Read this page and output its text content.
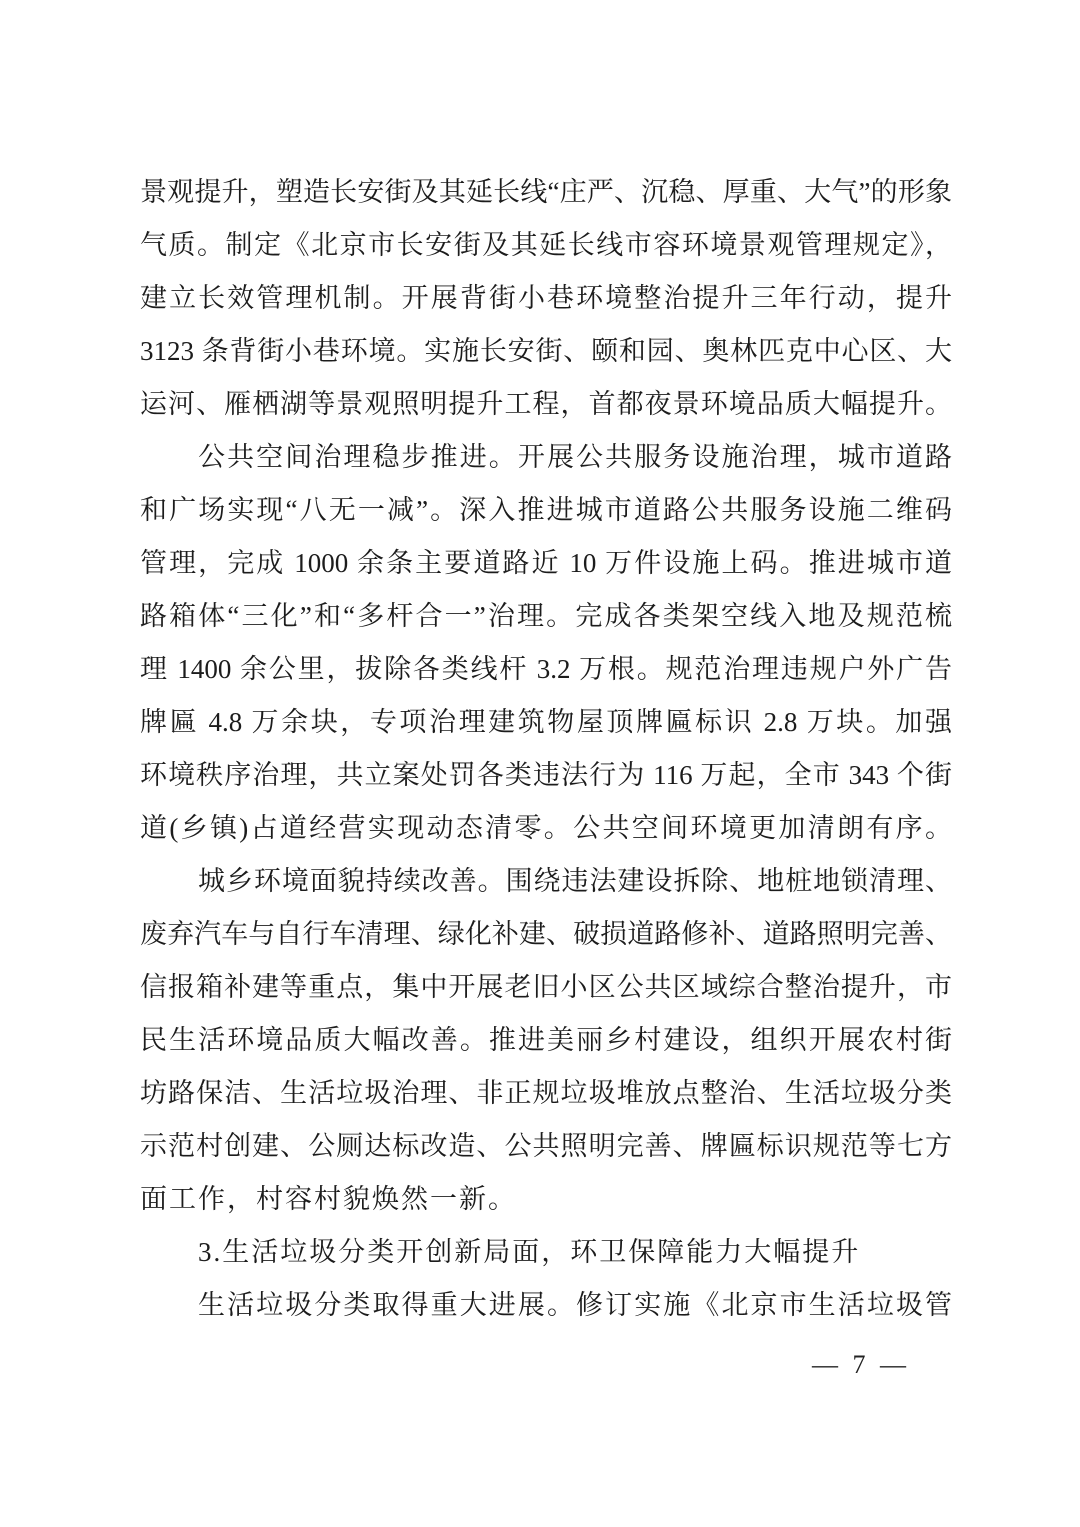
景观提升，塑造长安街及其延长线“庄严、沉稳、厚重、大气”的形象
气质。制定《北京市长安街及其延长线市容环境景观管理规定》，
建立长效管理机制。开展背街小巷环境整治提升三年行动，提升
3123 条背街小巷环境。实施长安街、颐和园、奥林匹克中心区、大
运河、雁栖湖等景观照明提升工程，首都夜景环境品质大幅提升。
公共空间治理稳步推进。开展公共服务设施治理，城市道路
和广场实现“八无一减”。深入推进城市道路公共服务设施二维码
管理，完成 1000 余条主要道路近 10 万件设施上码。推进城市道
路箱体“三化”和“多杆合一”治理。完成各类架空线入地及规范梳
理 1400 余公里，拔除各类线杆 3.2 万根。规范治理违规户外广告
牌匾 4.8 万余块，专项治理建筑物屋顶牌匾标识 2.8 万块。加强
环境秩序治理，共立案处罚各类违法行为 116 万起，全市 343 个街
道(乡镇)占道经营实现动态清零。公共空间环境更加清朗有序。
城乡环境面貌持续改善。围绕违法建设拆除、地桩地锁清理、
废弃汽车与自行车清理、绿化补建、破损道路修补、道路照明完善、
信报箱补建等重点，集中开展老旧小区公共区域综合整治提升，市
民生活环境品质大幅改善。推进美丽乡村建设，组织开展农村街
坊路保洁、生活垃圾治理、非正规垃圾堆放点整治、生活垃圾分类
示范村创建、公厕达标改造、公共照明完善、牌匾标识规范等七方
面工作，村容村貌焕然一新。
3.生活垃圾分类开创新局面，环卫保障能力大幅提升
生活垃圾分类取得重大进展。修订实施《北京市生活垃圾管
— 7 —
